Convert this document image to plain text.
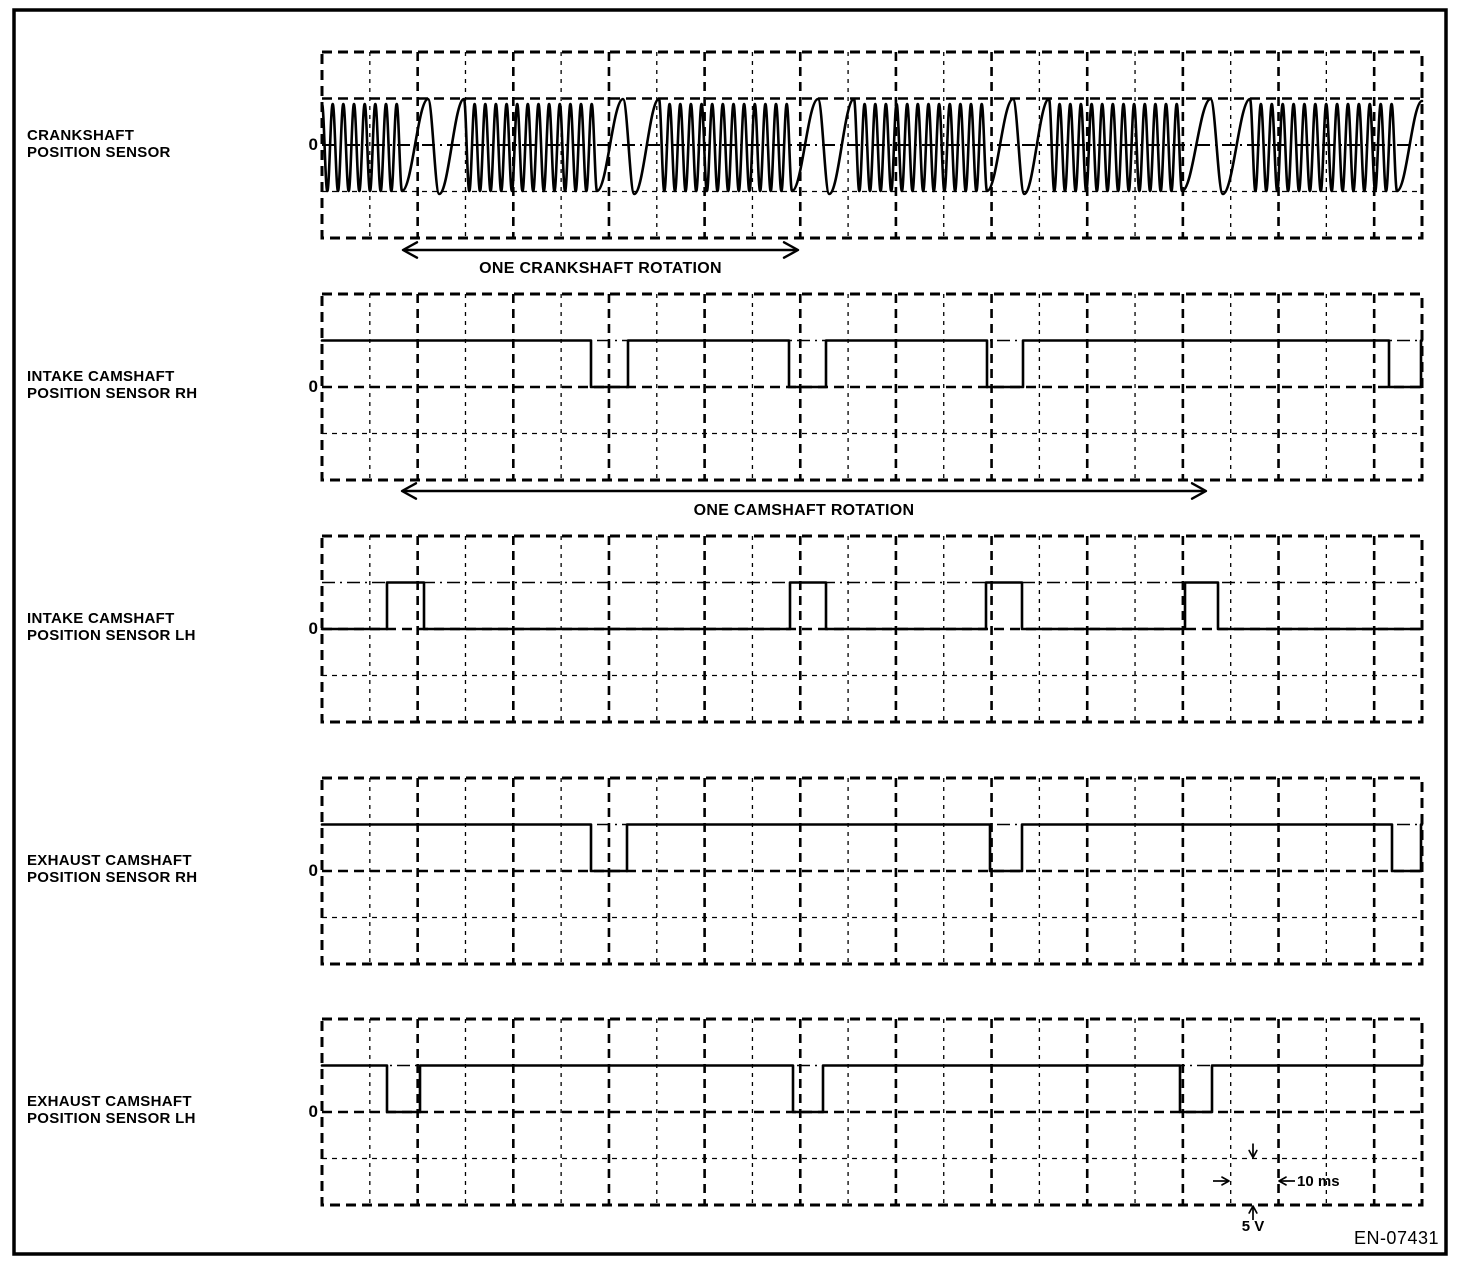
CRANKSHAFT
POSITION SENSOR
INTAKE CAMSHAFT
POSITION SENSOR RH
INTAKE CAMSHAFT
POSITION SENSOR LH
EXHAUST CAMSHAFT
POSITION SENSOR RH
EXHAUST CAMSHAFT
POSITION SENSOR LH
0
0
0
0
0
ONE CRANKSHAFT ROTATION
ONE CAMSHAFT ROTATION
10 ms
5 V
EN-07431
